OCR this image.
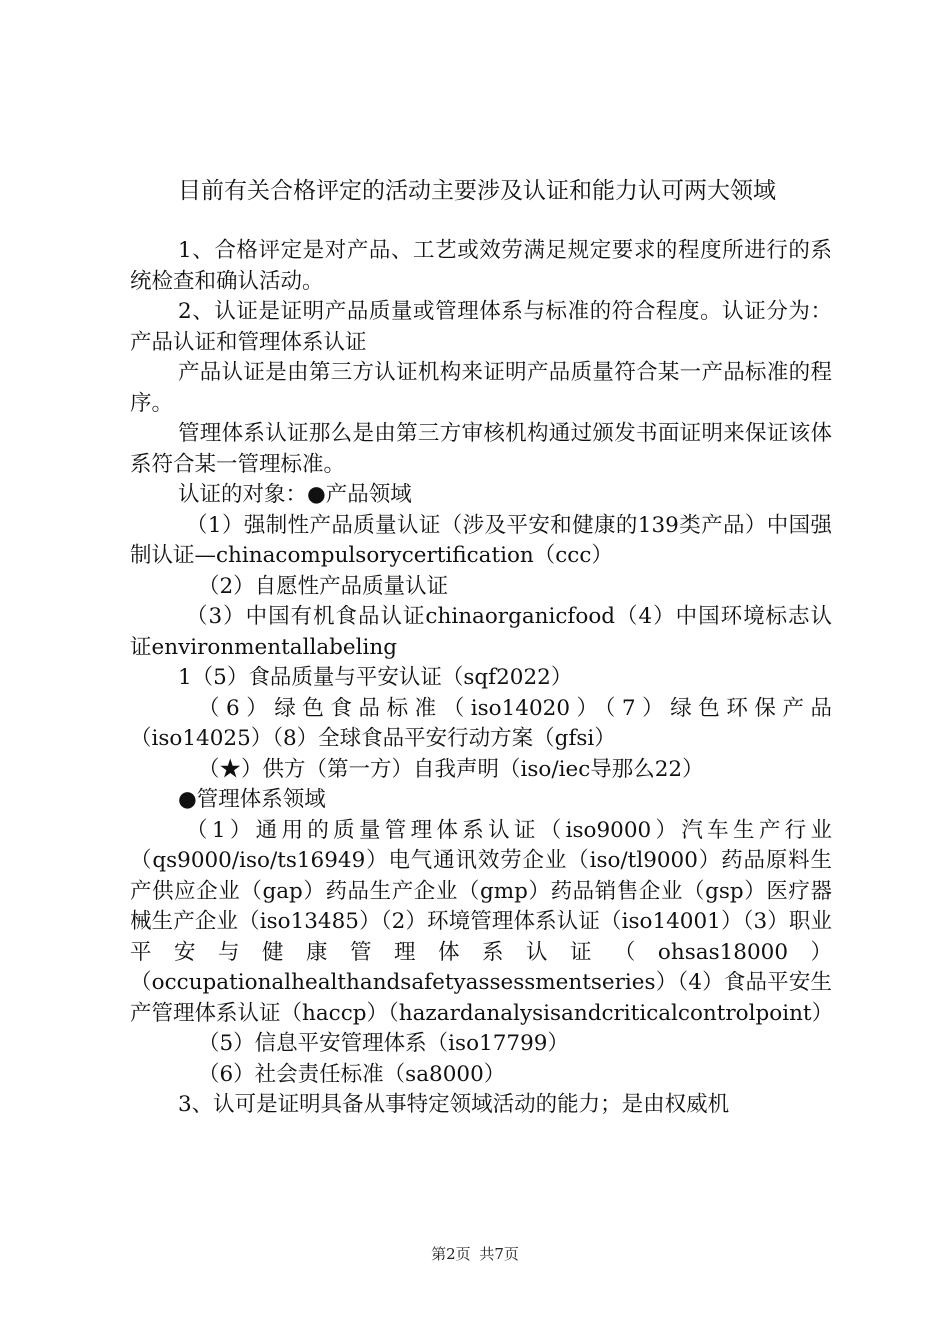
目前有关合格评定的活动主要涉及认证和能力认可两大领域

1、合格评定是对产品、工艺或效劳满足规定要求的程度所进行的系统检查和确认活动。

2、认证是证明产品质量或管理体系与标准的符合程度。认证分为：产品认证和管理体系认证

产品认证是由第三方认证机构来证明产品质量符合某一产品标准的程序。

管理体系认证那么是由第三方审核机构通过颁发书面证明来保证该体系符合某一管理标准。

认证的对象：●产品领域

（1）强制性产品质量认证（涉及平安和健康的139类产品）中国强制认证—chinacompulsorycertification（ccc）

（2）自愿性产品质量认证

（3）中国有机食品认证chinaorganicfood（4）中国环境标志认证environmentallabeling

1（5）食品质量与平安认证（sqf2022）

（6）绿色食品标准（iso14020）（7）绿色环保产品（iso14025）（8）全球食品平安行动方案（gfsi）

（★）供方（第一方）自我声明（iso/iec导那么22）

●管理体系领域

（1）通用的质量管理体系认证（iso9000）汽车生产行业（qs9000/iso/ts16949）电气通讯效劳企业（iso/tl9000）药品原料生产供应企业（gap）药品生产企业（gmp）药品销售企业（gsp）医疗器械生产企业（iso13485）（2）环境管理体系认证（iso14001）（3）职业平安与健康管理体系认证（ohsas18000）（occupationalhealthandsafetyassessmentseries）（4）食品平安生产管理体系认证（haccp）（hazardanalysisandcriticalcontrolpoint）

（5）信息平安管理体系（iso17799）

（6）社会责任标准（sa8000）

3、认可是证明具备从事特定领域活动的能力；是由权威机

第2页 共7页
